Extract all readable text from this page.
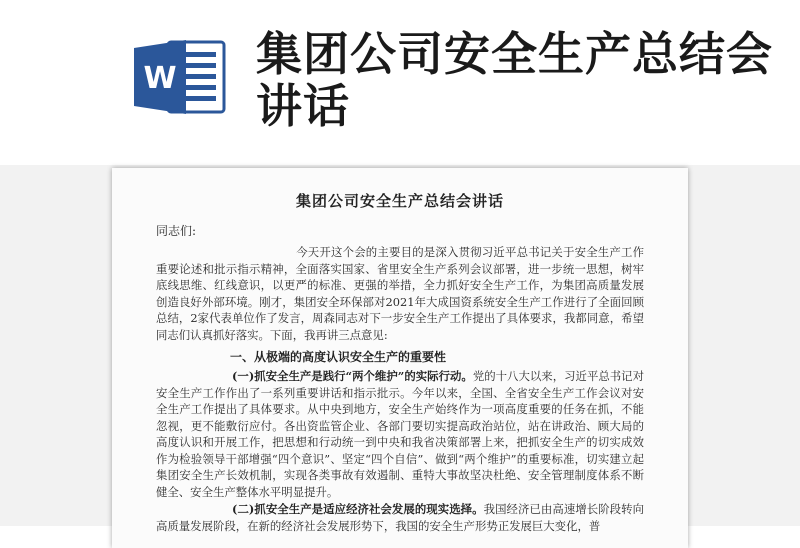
W 集团公司安全生产总结会讲话
集团公司安全生产总结会讲话
同志们:
今天开这个会的主要目的是深入贯彻习近平总书记关于安全生产工作重要论述和批示指示精神，全面落实国家、省里安全生产系列会议部署，进一步统一思想，树牢底线思维、红线意识，以更严的标准、更强的举措，全力抓好安全生产工作，为集团高质量发展创造良好外部环境。刚才，集团安全环保部对2021年大成国资系统安全生产工作进行了全面回顾总结，2家代表单位作了发言，周森同志对下一步安全生产工作提出了具体要求，我都同意，希望同志们认真抓好落实。下面，我再讲三点意见:
一、从极端的高度认识安全生产的重要性
(一)抓安全生产是践行“两个维护”的实际行动。党的十八大以来，习近平总书记对安全生产工作作出了一系列重要讲话和指示批示。今年以来，全国、全省安全生产工作会议对安全生产工作提出了具体要求。从中央到地方，安全生产始终作为一项高度重要的任务在抓，不能忽视，更不能敷衍应付。各出资监管企业、各部门要切实提高政治站位，站在讲政治、顾大局的高度认识和开展工作，把思想和行动统一到中央和我省决策部署上来，把抓安全生产的切实成效作为检验领导干部增强“四个意识”、坚定“四个自信”、做到“两个维护”的重要标准，切实建立起集团安全生产长效机制，实现各类事故有效遏制、重特大事故坚决杜绝、安全管理制度体系不断健全、安全生产整体水平明显提升。
(二)抓安全生产是适应经济社会发展的现实选择。我国经济已由高速增长阶段转向高质量发展阶段，在新的经济社会发展形势下，我国的安全生产形势正发展巨大变化，普
